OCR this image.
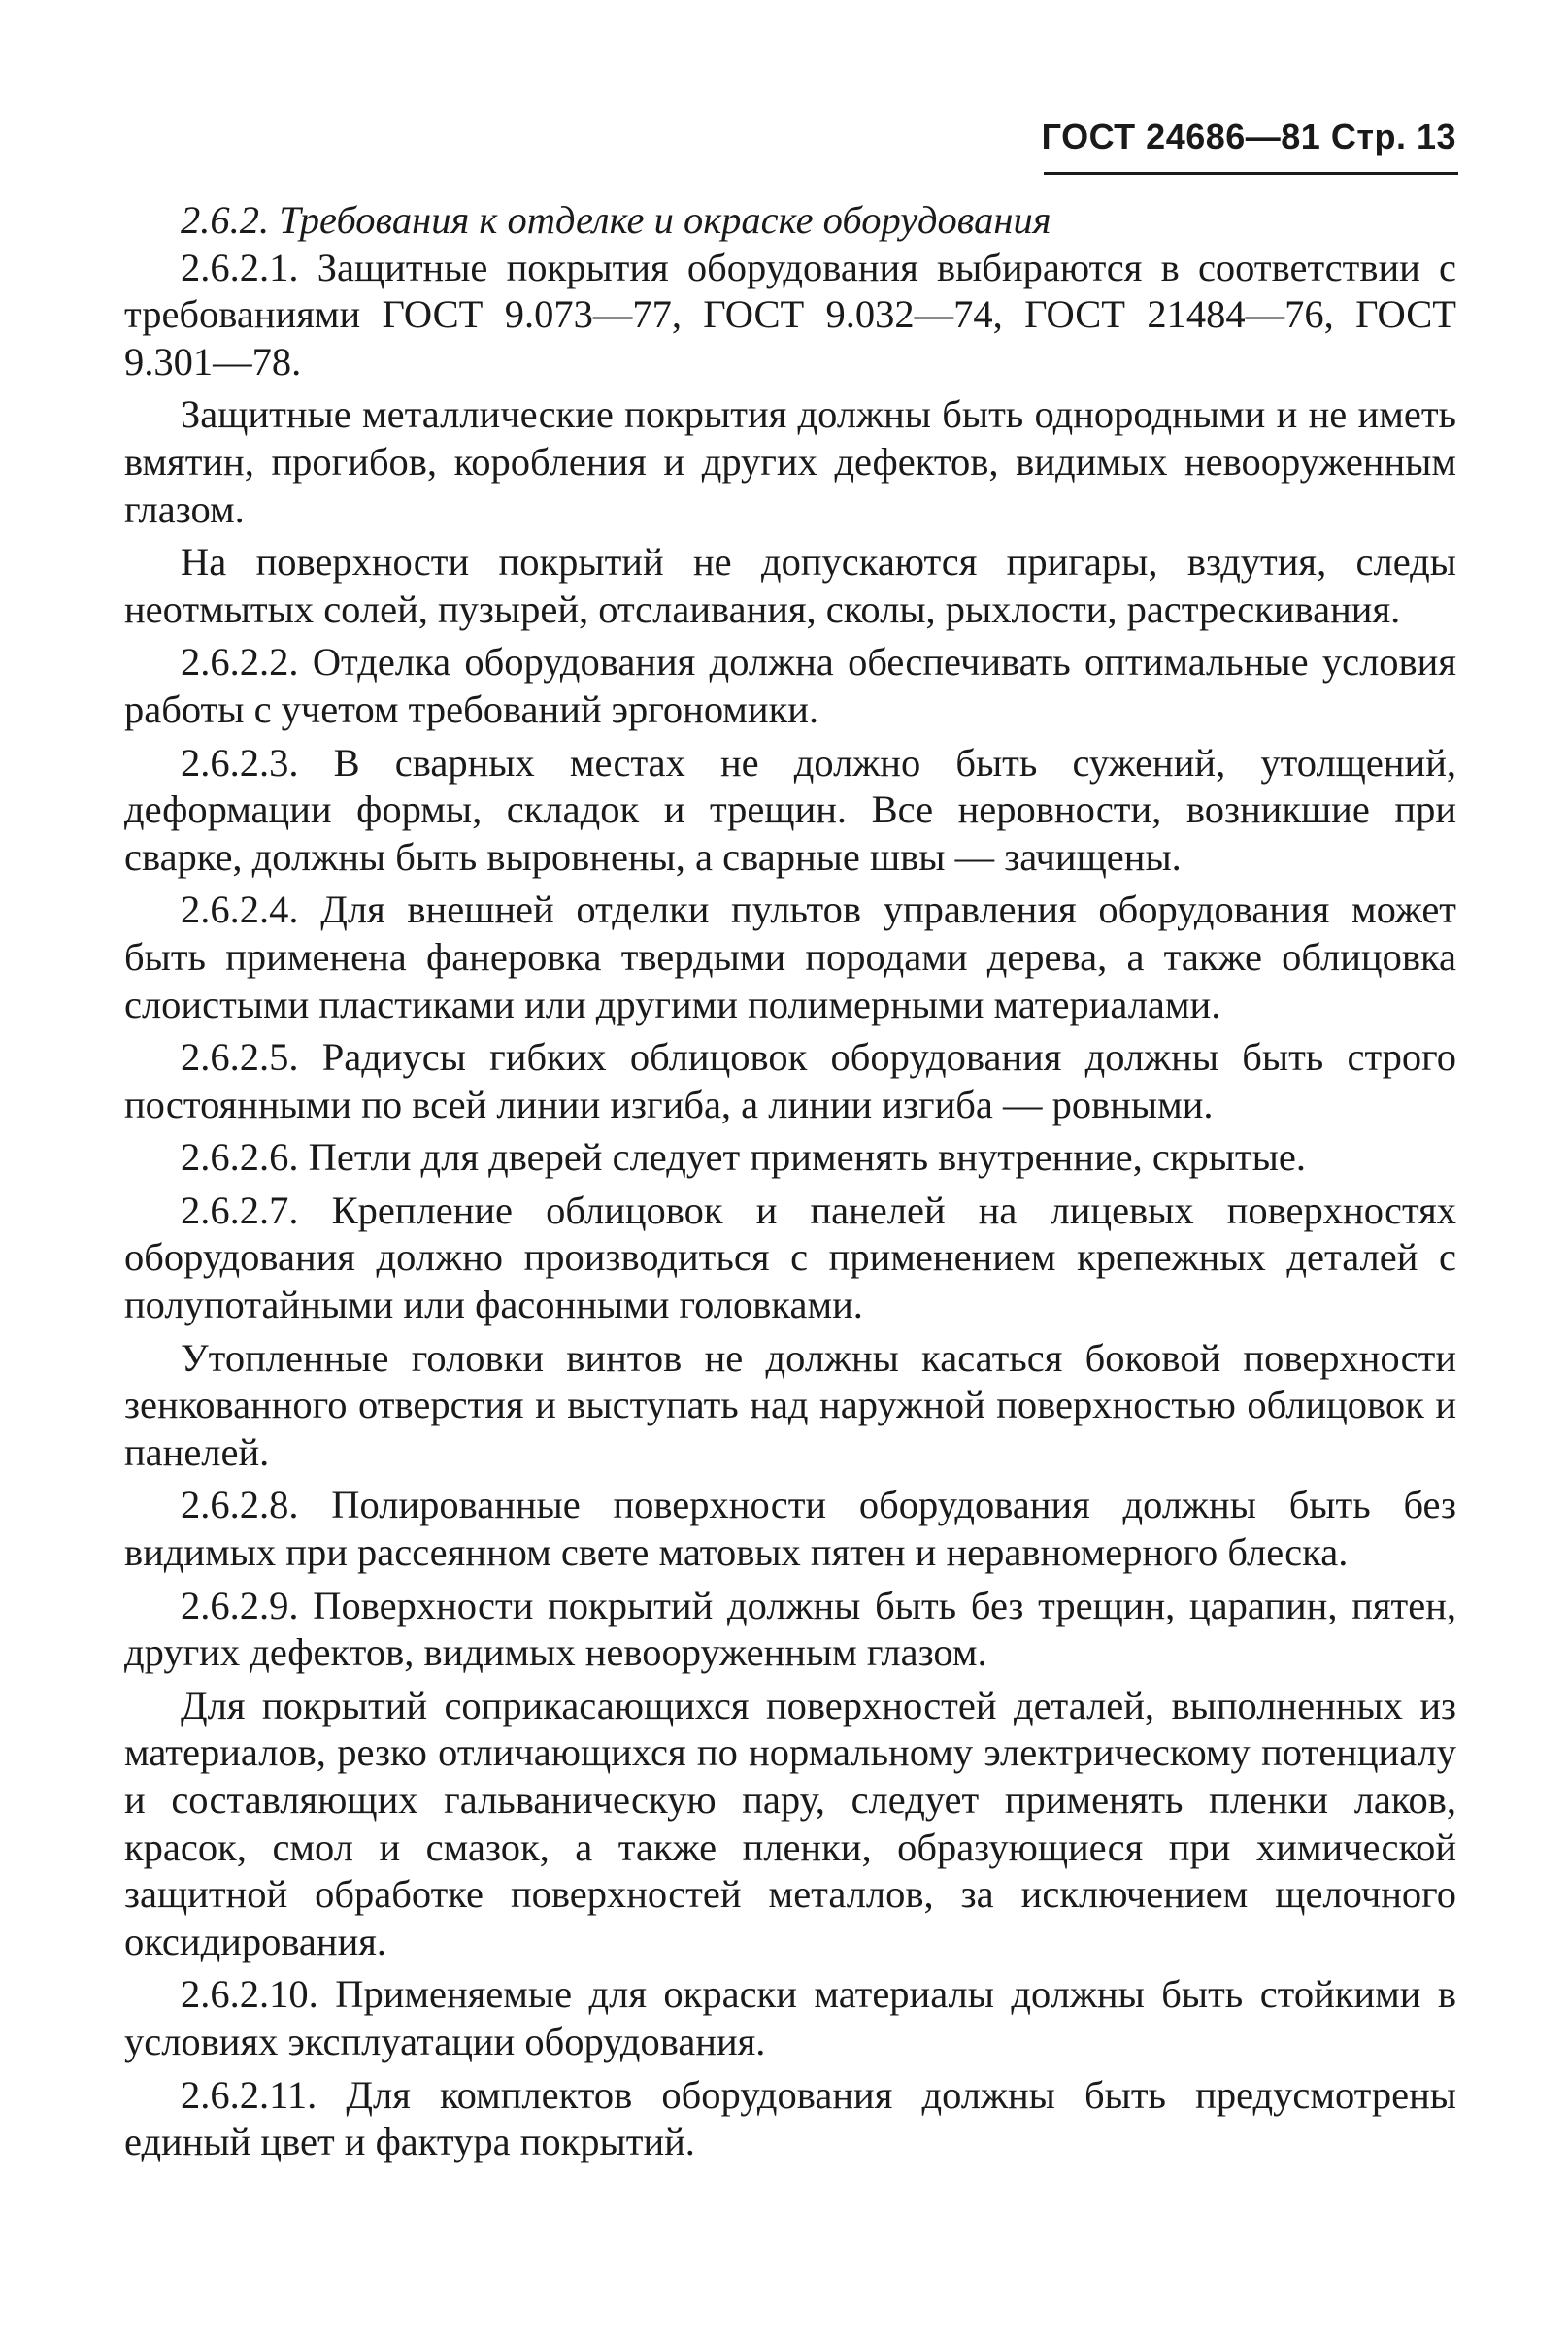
ГОСТ 24686—81 Стр. 13

2.6.2. Требования к отделке и окраске оборудования

2.6.2.1. Защитные покрытия оборудования выбираются в соответствии с требованиями ГОСТ 9.073—77, ГОСТ 9.032—74, ГОСТ 21484—76, ГОСТ 9.301—78.

Защитные металлические покрытия должны быть однородными и не иметь вмятин, прогибов, коробления и других дефектов, видимых невооруженным глазом.

На поверхности покрытий не допускаются пригары, вздутия, следы неотмытых солей, пузырей, отслаивания, сколы, рыхлости, растрескивания.

2.6.2.2. Отделка оборудования должна обеспечивать оптимальные условия работы с учетом требований эргономики.

2.6.2.3. В сварных местах не должно быть сужений, утолщений, деформации формы, складок и трещин. Все неровности, возникшие при сварке, должны быть выровнены, а сварные швы — зачищены.

2.6.2.4. Для внешней отделки пультов управления оборудования может быть применена фанеровка твердыми породами дерева, а также облицовка слоистыми пластиками или другими полимерными материалами.

2.6.2.5. Радиусы гибких облицовок оборудования должны быть строго постоянными по всей линии изгиба, а линии изгиба — ровными.

2.6.2.6. Петли для дверей следует применять внутренние, скрытые.

2.6.2.7. Крепление облицовок и панелей на лицевых поверхностях оборудования должно производиться с применением крепежных деталей с полупотайными или фасонными головками.

Утопленные головки винтов не должны касаться боковой поверхности зенкованного отверстия и выступать над наружной поверхностью облицовок и панелей.

2.6.2.8. Полированные поверхности оборудования должны быть без видимых при рассеянном свете матовых пятен и неравномерного блеска.

2.6.2.9. Поверхности покрытий должны быть без трещин, царапин, пятен, других дефектов, видимых невооруженным глазом.

Для покрытий соприкасающихся поверхностей деталей, выполненных из материалов, резко отличающихся по нормальному электрическому потенциалу и составляющих гальваническую пару, следует применять пленки лаков, красок, смол и смазок, а также пленки, образующиеся при химической защитной обработке поверхностей металлов, за исключением щелочного оксидирования.

2.6.2.10. Применяемые для окраски материалы должны быть стойкими в условиях эксплуатации оборудования.

2.6.2.11. Для комплектов оборудования должны быть предусмотрены единый цвет и фактура покрытий.
